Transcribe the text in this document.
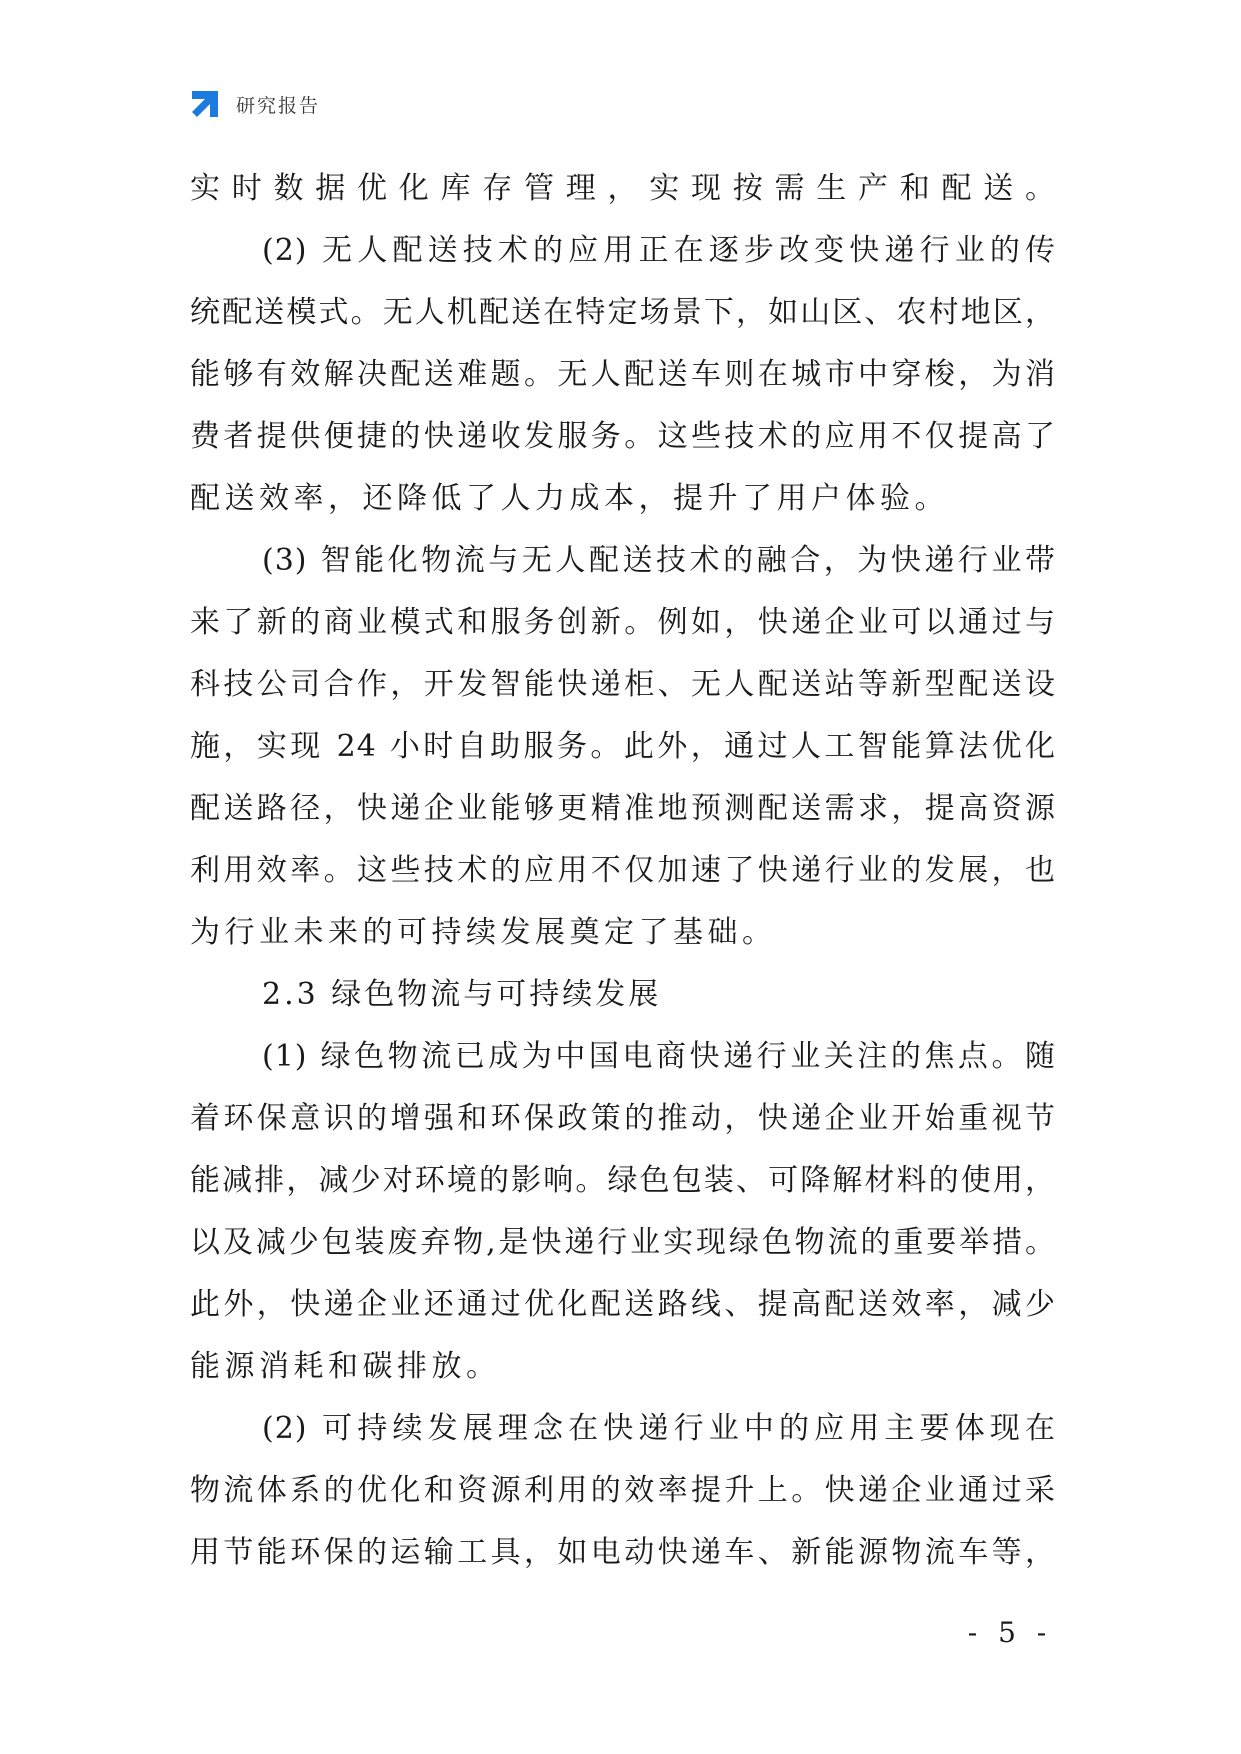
研究报告
实时数据优化库存管理，实现按需生产和配送。
(2) 无人配送技术的应用正在逐步改变快递行业的传
统配送模式。无人机配送在特定场景下，如山区、农村地区，
能够有效解决配送难题。无人配送车则在城市中穿梭，为消
费者提供便捷的快递收发服务。这些技术的应用不仅提高了
配送效率，还降低了人力成本，提升了用户体验。
(3) 智能化物流与无人配送技术的融合，为快递行业带
来了新的商业模式和服务创新。例如，快递企业可以通过与
科技公司合作，开发智能快递柜、无人配送站等新型配送设
施，实现 24 小时自助服务。此外，通过人工智能算法优化
配送路径，快递企业能够更精准地预测配送需求，提高资源
利用效率。这些技术的应用不仅加速了快递行业的发展，也
为行业未来的可持续发展奠定了基础。
2.3 绿色物流与可持续发展
(1) 绿色物流已成为中国电商快递行业关注的焦点。随
着环保意识的增强和环保政策的推动，快递企业开始重视节
能减排，减少对环境的影响。绿色包装、可降解材料的使用，
以及减少包装废弃物,是快递行业实现绿色物流的重要举措。
此外，快递企业还通过优化配送路线、提高配送效率，减少
能源消耗和碳排放。
(2) 可持续发展理念在快递行业中的应用主要体现在
物流体系的优化和资源利用的效率提升上。快递企业通过采
用节能环保的运输工具，如电动快递车、新能源物流车等，
- 5 -
